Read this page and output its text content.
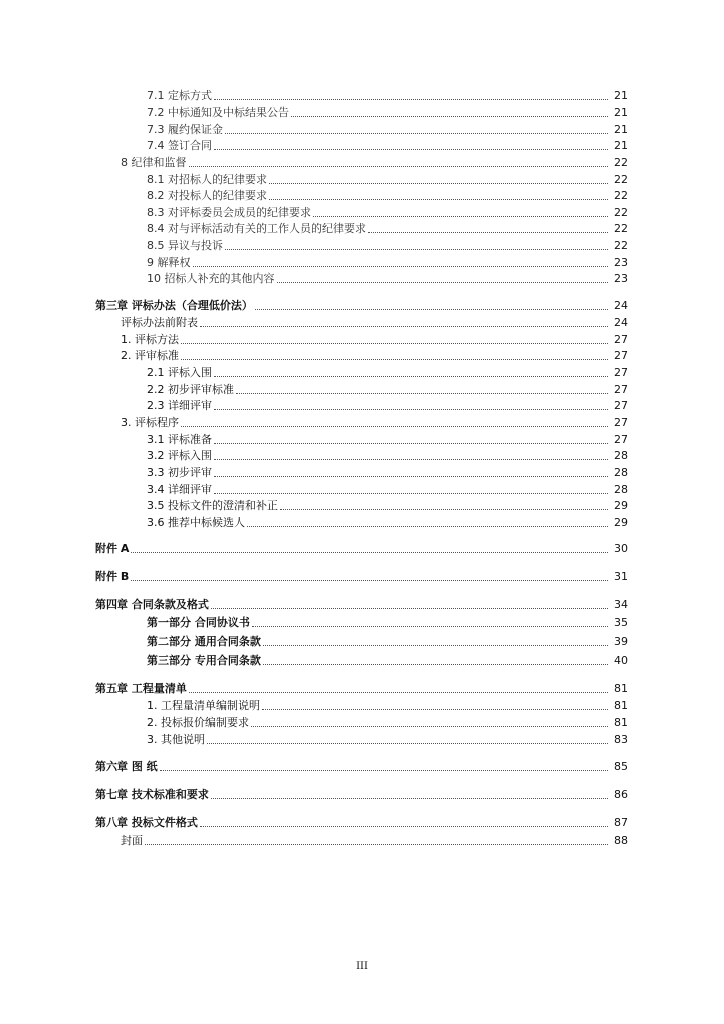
7.1 定标方式	21
7.2 中标通知及中标结果公告	21
7.3 履约保证金	21
7.4 签订合同	21
8 纪律和监督	22
8.1 对招标人的纪律要求	22
8.2 对投标人的纪律要求	22
8.3 对评标委员会成员的纪律要求	22
8.4 对与评标活动有关的工作人员的纪律要求	22
8.5 异议与投诉	22
9 解释权	23
10 招标人补充的其他内容	23
第三章 评标办法（合理低价法）	24
评标办法前附表	24
1. 评标方法	27
2. 评审标准	27
2.1 评标入围	27
2.2 初步评审标准	27
2.3 详细评审	27
3. 评标程序	27
3.1 评标准备	27
3.2 评标入围	28
3.3 初步评审	28
3.4 详细评审	28
3.5 投标文件的澄清和补正	29
3.6 推荐中标候选人	29
附件 A	30
附件 B	31
第四章 合同条款及格式	34
第一部分 合同协议书	35
第二部分 通用合同条款	39
第三部分 专用合同条款	40
第五章 工程量清单	81
1. 工程量清单编制说明	81
2. 投标报价编制要求	81
3. 其他说明	83
第六章 图 纸	85
第七章 技术标准和要求	86
第八章 投标文件格式	87
封面	88
III
